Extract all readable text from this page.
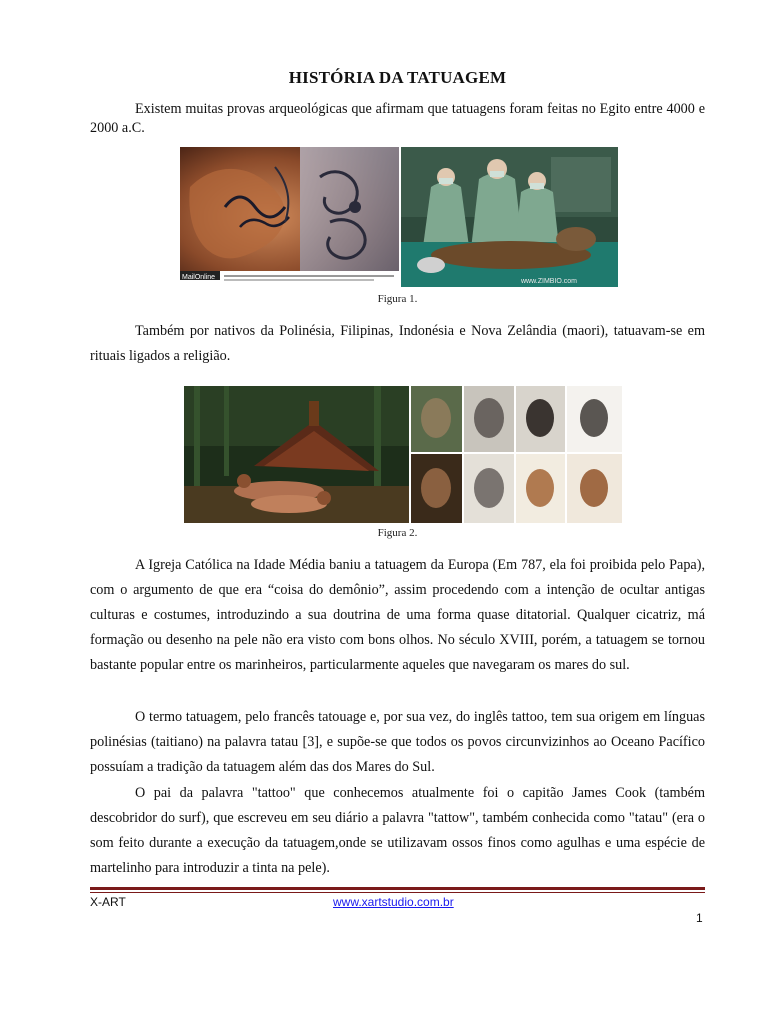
HISTÓRIA DA TATUAGEM

Existem muitas provas arqueológicas que afirmam que tatuagens foram feitas no Egito entre 4000 e 2000 a.C.

Figura 1.

Também por nativos da Polinésia, Filipinas, Indonésia e Nova Zelândia (maori), tatuavam-se em rituais ligados a religião.

Figura 2.

A Igreja Católica na Idade Média baniu a tatuagem da Europa (Em 787, ela foi proibida pelo Papa), com o argumento de que era “coisa do demônio”, assim procedendo com a intenção de ocultar antigas culturas e costumes, introduzindo a sua doutrina de uma forma quase ditatorial. Qualquer cicatriz, má formação ou desenho na pele não era visto com bons olhos. No século XVIII, porém, a tatuagem se tornou bastante popular entre os marinheiros, particularmente aqueles que navegaram os mares do sul.

O termo tatuagem, pelo francês tatouage e, por sua vez, do inglês tattoo, tem sua origem em línguas polinésias (taitiano) na palavra tatau [3], e supõe-se que todos os povos circunvizinhos ao Oceano Pacífico possuíam a tradição da tatuagem além das dos Mares do Sul.

O pai da palavra "tattoo" que conhecemos atualmente foi o capitão James Cook (também descobridor do surf), que escreveu em seu diário a palavra "tattow", também conhecida como "tatau" (era o som feito durante a execução da tatuagem,onde se utilizavam ossos finos como agulhas e uma espécie de martelinho para introduzir a tinta na pele).

MailOnline
www.ZIMBIO.com
X-ART	www.xartstudio.com.br
1
